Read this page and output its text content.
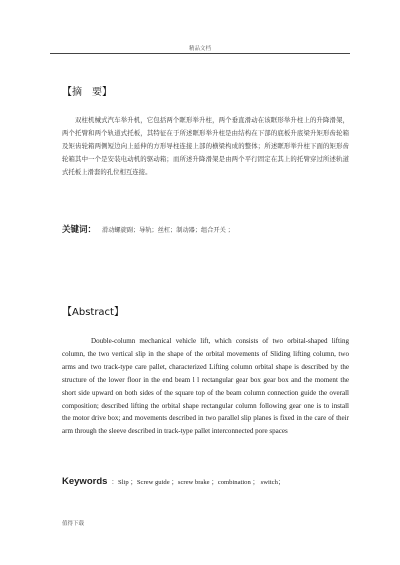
精品文档
【摘　要】
双柱机械式汽车举升机，它包括两个眶形举升柱，两个垂直滑动在该眶形举升柱上的升降滑架，两个托臂和两个轨道式托板，其特征在于所述眶形举升柱是由结构在下部的底板升底梁升矩形齿轮箱及矩齿轮箱两侧短边向上延伸的方形导柱连接上部的横梁构成的整体；所述眶形举升柱下面的矩形齿轮箱其中一个是安装电动机的驱动箱；而所述升降滑架是由两个平行固定在其上的托臂穿过所述轨道式托板上滑套的孔位相互连接。
关键词： 滑动螺旋副；导轨；丝杠；制动器；组合开关 ；
【Abstract】
Double-column mechanical vehicle lift, which consists of two orbital-shaped lifting column, the two vertical slip in the shape of the orbital movements of Sliding lifting column, two arms and two track-type care pallet, characterized Lifting column orbital shape is described by the structure of the lower floor in the end beam l l rectangular gear box gear box and the moment the short side upward on both sides of the square top of the beam column connection guide the overall composition; described lifting the orbital shape rectangular column following gear one is to install the motor drive box; and movements described in two parallel slip planes is fixed in the care of their arm through the sleeve described in track-type pallet interconnected pore spaces
Keywords ：Slip ；Screw guide ；screw brake ；combination ； switch；
值得下载
